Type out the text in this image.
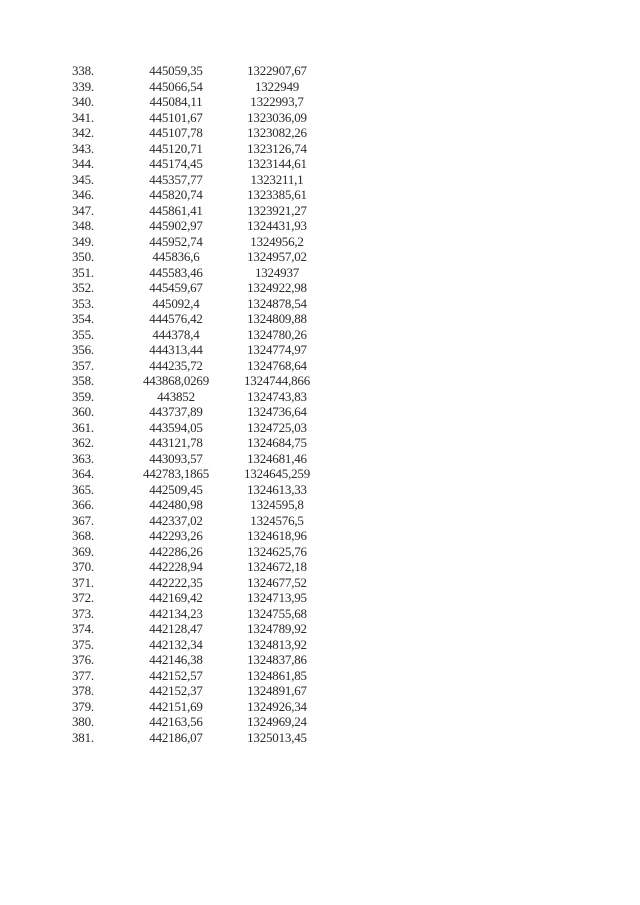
338.	445059,35	1322907,67
339.	445066,54	1322949
340.	445084,11	1322993,7
341.	445101,67	1323036,09
342.	445107,78	1323082,26
343.	445120,71	1323126,74
344.	445174,45	1323144,61
345.	445357,77	1323211,1
346.	445820,74	1323385,61
347.	445861,41	1323921,27
348.	445902,97	1324431,93
349.	445952,74	1324956,2
350.	445836,6	1324957,02
351.	445583,46	1324937
352.	445459,67	1324922,98
353.	445092,4	1324878,54
354.	444576,42	1324809,88
355.	444378,4	1324780,26
356.	444313,44	1324774,97
357.	444235,72	1324768,64
358.	443868,0269	1324744,866
359.	443852	1324743,83
360.	443737,89	1324736,64
361.	443594,05	1324725,03
362.	443121,78	1324684,75
363.	443093,57	1324681,46
364.	442783,1865	1324645,259
365.	442509,45	1324613,33
366.	442480,98	1324595,8
367.	442337,02	1324576,5
368.	442293,26	1324618,96
369.	442286,26	1324625,76
370.	442228,94	1324672,18
371.	442222,35	1324677,52
372.	442169,42	1324713,95
373.	442134,23	1324755,68
374.	442128,47	1324789,92
375.	442132,34	1324813,92
376.	442146,38	1324837,86
377.	442152,57	1324861,85
378.	442152,37	1324891,67
379.	442151,69	1324926,34
380.	442163,56	1324969,24
381.	442186,07	1325013,45
